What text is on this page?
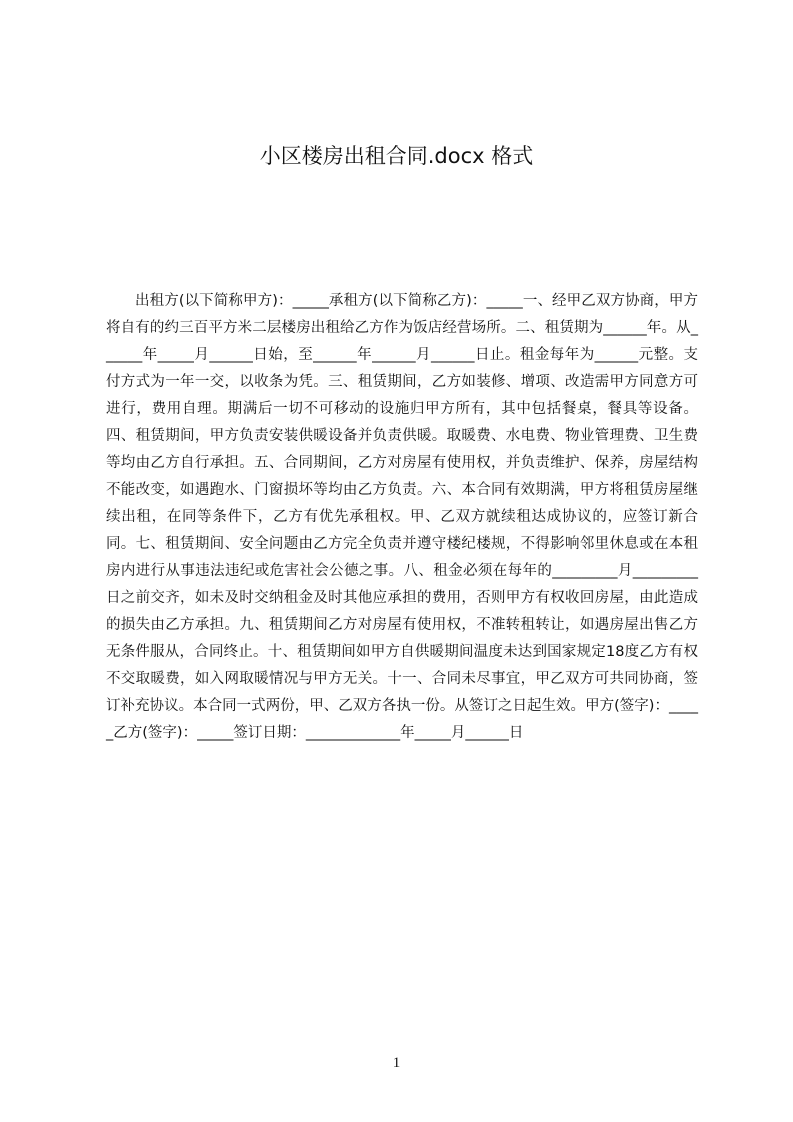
小区楼房出租合同.docx 格式

出租方(以下简称甲方)：_____承租方(以下简称乙方)：_____一、经甲乙双方协商，甲方将自有的约三百平方米二层楼房出租给乙方作为饭店经营场所。二、租赁期为______年。从______年_____月______日始，至______年______月______日止。租金每年为______元整。支付方式为一年一交，以收条为凭。三、租赁期间，乙方如装修、增项、改造需甲方同意方可进行，费用自理。期满后一切不可移动的设施归甲方所有，其中包括餐桌，餐具等设备。四、租赁期间，甲方负责安装供暖设备并负责供暖。取暖费、水电费、物业管理费、卫生费等均由乙方自行承担。五、合同期间，乙方对房屋有使用权，并负责维护、保养，房屋结构不能改变，如遇跑水、门窗损坏等均由乙方负责。六、本合同有效期满，甲方将租赁房屋继续出租，在同等条件下，乙方有优先承租权。甲、乙双方就续租达成协议的，应签订新合同。七、租赁期间、安全问题由乙方完全负责并遵守楼纪楼规，不得影响邻里休息或在本租房内进行从事违法违纪或危害社会公德之事。八、租金必须在每年的_________月_________日之前交齐，如未及时交纳租金及时其他应承担的费用，否则甲方有权收回房屋，由此造成的损失由乙方承担。九、租赁期间乙方对房屋有使用权，不准转租转让，如遇房屋出售乙方无条件服从，合同终止。十、租赁期间如甲方自供暖期间温度未达到国家规定18度乙方有权不交取暖费，如入网取暖情况与甲方无关。十一、合同未尽事宜，甲乙双方可共同协商，签订补充协议。本合同一式两份，甲、乙双方各执一份。从签订之日起生效。甲方(签字)：_____乙方(签字)：_____签订日期：_____________年_____月______日

1
